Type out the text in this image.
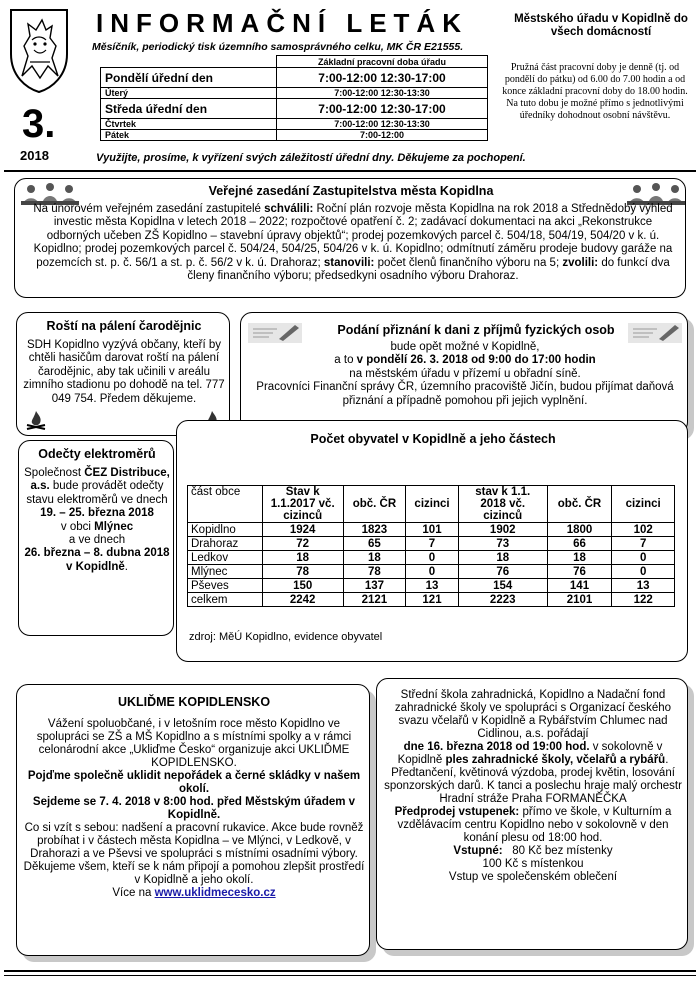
INFORMAČNÍ LETÁK	Městského úřadu v Kopidlně do všech domácností
Měsíčník, periodický tisk územního samosprávného celku, MK ČR E21555.
3.
2018
	Základní pracovní doba úřadu
Pondělí úřední den	7:00-12:00 12:30-17:00
Úterý	7:00-12:00 12:30-13:30
Středa úřední den	7:00-12:00 12:30-17:00
Čtvrtek	7:00-12:00 12:30-13:30
Pátek	7:00-12:00
Pružná část pracovní doby je denně (tj. od pondělí do pátku) od 6.00 do 7.00 hodin a od konce základní pracovní doby do 18.00 hodin. Na tuto dobu je možné přímo s jednotlivými úředníky dohodnout osobní návštěvu.
Využijte, prosíme, k vyřízení svých záležitostí úřední dny. Děkujeme za pochopení.
Veřejné zasedání Zastupitelstva města Kopidlna
Na únorovém veřejném zasedání zastupitelé schválili: Roční plán rozvoje města Kopidlna na rok 2018 a Střednědobý výhled investic města Kopidlna v letech 2018 – 2022; rozpočtové opatření č. 2; zadávací dokumentaci na akci „Rekonstrukce odborných učeben ZŠ Kopidlno – stavební úpravy objektů“; prodej pozemkových parcel č. 504/18, 504/19, 504/20 v k. ú. Kopidlno; prodej pozemkových parcel č. 504/24, 504/25, 504/26 v k. ú. Kopidlno; odmítnutí záměru prodeje budovy garáže na pozemcích st. p. č. 56/1 a st. p. č. 56/2 v k. ú. Drahoraz; stanovili: počet členů finančního výboru na 5; zvolili: do funkcí dva členy finančního výboru; předsedkyni osadního výboru Drahoraz.
Roští na pálení čarodějnic
SDH Kopidlno vyzývá občany, kteří by chtěli hasičům darovat roští na pálení čarodějnic, aby tak učinili v areálu zimního stadionu po dohodě na tel. 777 049 754. Předem děkujeme.
Podání přiznání k dani z příjmů fyzických osob
bude opět možné v Kopidlně,
a to v pondělí 26. 3. 2018 od 9:00 do 17:00 hodin
na městském úřadu v přízemí u obřadní síně.
Pracovníci Finanční správy ČR, územního pracoviště Jičín, budou přijímat daňová přiznání a případně pomohou při jejich vyplnění.
Odečty elektroměrů
Společnost ČEZ Distribuce, a.s. bude provádět odečty stavu elektroměrů ve dnech
19. – 25. března 2018
v obci Mlýnec
a ve dnech
26. března – 8. dubna 2018 v Kopidlně.
Počet obyvatel v Kopidlně a jeho částech
část obce	Stav k 1.1.2017 vč. cizinců	obč. ČR	cizinci	stav k 1.1. 2018 vč. cizinců	obč. ČR	cizinci
Kopidlno	1924	1823	101	1902	1800	102
Drahoraz	72	65	7	73	66	7
Ledkov	18	18	0	18	18	0
Mlýnec	78	78	0	76	76	0
Pševes	150	137	13	154	141	13
celkem	2242	2121	121	2223	2101	122
zdroj: MěÚ Kopidlno, evidence obyvatel
UKLIĎME KOPIDLENSKO
Vážení spoluobčané, i v letošním roce město Kopidlno ve spolupráci se ZŠ a MŠ Kopidlno a s místními spolky a v rámci celonárodní akce „Ukliďme Česko“ organizuje akci UKLIĎME KOPIDLENSKO.
Pojďme společně uklidit nepořádek a černé skládky v našem okolí.
Sejdeme se 7. 4. 2018 v 8:00 hod. před Městským úřadem v Kopidlně.
Co si vzít s sebou: nadšení a pracovní rukavice. Akce bude rovněž probíhat i v částech města Kopidlna – ve Mlýnci, v Ledkově, v Drahorazi a ve Pševsi ve spolupráci s místními osadními výbory. Děkujeme všem, kteří se k nám připojí a pomohou zlepšit prostředí v Kopidlně a jeho okolí.
Více na www.uklidmecesko.cz
Střední škola zahradnická, Kopidlno a Nadační fond zahradnické školy ve spolupráci s Organizací českého svazu včelařů v Kopidlně a Rybářstvím Chlumec nad Cidlinou, a.s. pořádají
dne 16. března 2018 od 19:00 hod. v sokolovně v Kopidlně ples zahradnické školy, včelařů a rybářů.
Předtančení, květinová výzdoba, prodej květin, losování sponzorských darů. K tanci a poslechu hraje malý orchestr Hradní stráže Praha FORMANĚČKA
Předprodej vstupenek: přímo ve škole, v Kulturním a vzdělávacím centru Kopidlno nebo v sokolovně v den konání plesu od 18:00 hod.
Vstupné: 80 Kč bez místenky
100 Kč s místenkou
Vstup ve společenském oblečení
